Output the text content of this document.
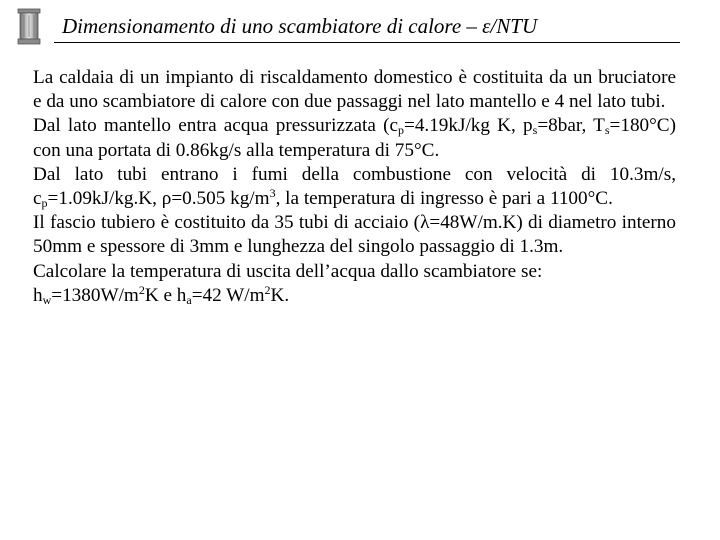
Dimensionamento di uno scambiatore di calore – ε/NTU

La caldaia di un impianto di riscaldamento domestico è costituita da un bruciatore e da uno scambiatore di calore con due passaggi nel lato mantello e 4 nel lato tubi.

Dal lato mantello entra acqua pressurizzata ($c_p=4.19kJ/kg$ K, $p_s=8bar$, $T_s=180^\circ C$) con una portata di 0.86kg/s alla temperatura di 75°C.

Dal lato tubi entrano i fumi della combustione con velocità di 10.3m/s, $c_p=1.09kJ/kg.K$, ρ=0.505 $kg/m^3$, la temperatura di ingresso è pari a 1100°C.

Il fascio tubiero è costituito da 35 tubi di acciaio (λ=48W/m.K) di diametro interno 50mm e spessore di 3mm e lunghezza del singolo passaggio di 1.3m.

Calcolare la temperatura di uscita dell’acqua dallo scambiatore se:

$h_w=1380W/m^2K$ e $h_a=42$ $W/m^2K$.
